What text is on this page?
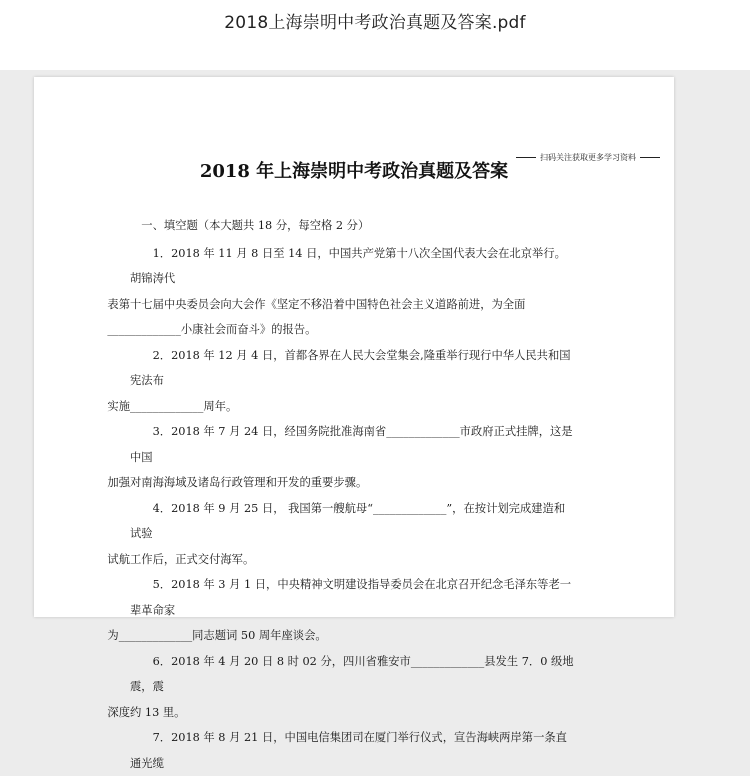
2018上海崇明中考政治真题及答案.pdf
扫码关注获取更多学习资料
2018 年上海崇明中考政治真题及答案

一、填空题（本大题共 18 分，每空格 2 分）

1．2018 年 11 月 8 日至 14 日，中国共产党第十八次全国代表大会在北京举行。胡锦涛代
表第十七届中央委员会向大会作《坚定不移沿着中国特色社会主义道路前进，为全面
_____________小康社会而奋斗》的报告。

2．2018 年 12 月 4 日，首都各界在人民大会堂集会,隆重举行现行中华人民共和国宪法布
实施_____________周年。

3．2018 年 7 月 24 日，经国务院批准海南省_____________市政府正式挂牌，这是中国
加强对南海海域及诸岛行政管理和开发的重要步骤。

4．2018 年 9 月 25 日， 我国第一艘航母“_____________”，在按计划完成建造和试验
试航工作后，正式交付海军。

5．2018 年 3 月 1 日，中央精神文明建设指导委员会在北京召开纪念毛泽东等老一辈革命家
为_____________同志题词 50 周年座谈会。

6．2018 年 4 月 20 日 8 时 02 分，四川省雅安市_____________县发生 7．0 级地震，震
深度约 13 里。

7．2018 年 8 月 21 日，中国电信集团司在厦门举行仪式，宣告海峡两岸第一条直通光缆
